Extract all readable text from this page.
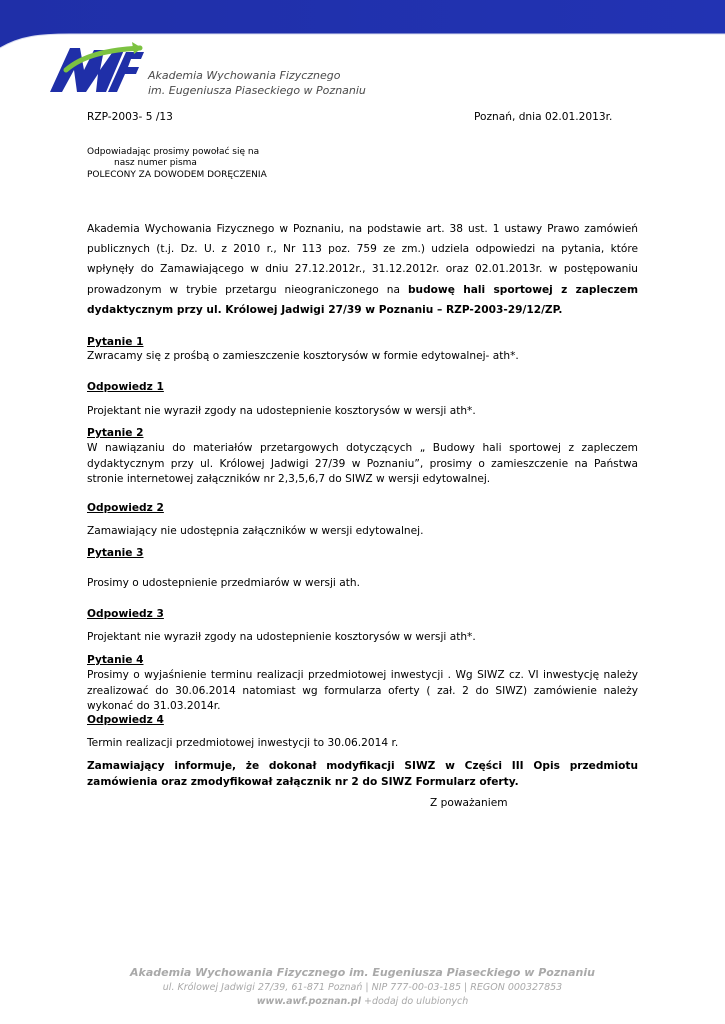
Akademia Wychowania Fizycznego
im. Eugeniusza Piaseckiego w Poznaniu
RZP-2003- 5 /13	Poznań, dnia 02.01.2013r.
Odpowiadając prosimy powołać się na
nasz numer pisma
POLECONY ZA DOWODEM DORĘCZENIA
Akademia Wychowania Fizycznego w Poznaniu, na podstawie art. 38 ust. 1 ustawy Prawo zamówień publicznych (t.j. Dz. U. z 2010 r., Nr 113 poz. 759 ze zm.) udziela odpowiedzi na pytania, które wpłynęły do Zamawiającego w dniu 27.12.2012r., 31.12.2012r. oraz 02.01.2013r. w postępowaniu prowadzonym w trybie przetargu nieograniczonego na budowę hali sportowej z zapleczem dydaktycznym przy ul. Królowej Jadwigi 27/39 w Poznaniu – RZP-2003-29/12/ZP.
Pytanie 1
Zwracamy się z prośbą o zamieszczenie kosztorysów w formie edytowalnej- ath*.
Odpowiedz 1
Projektant nie wyraził zgody na udostepnienie kosztorysów w wersji ath*.
Pytanie 2
W nawiązaniu do materiałów przetargowych dotyczących „ Budowy hali sportowej z zapleczem dydaktycznym przy ul. Królowej Jadwigi 27/39 w Poznaniu”, prosimy o zamieszczenie na Państwa stronie internetowej załączników nr 2,3,5,6,7 do SIWZ w wersji edytowalnej.
Odpowiedz 2
Zamawiający nie udostępnia załączników w wersji edytowalnej.
Pytanie 3
Prosimy o udostepnienie przedmiarów w wersji ath.
Odpowiedz 3
Projektant nie wyraził zgody na udostepnienie kosztorysów w wersji ath*.
Pytanie 4
Prosimy o wyjaśnienie terminu realizacji przedmiotowej inwestycji . Wg SIWZ cz. VI inwestycję należy zrealizować do 30.06.2014 natomiast wg formularza oferty ( zał. 2 do SIWZ) zamówienie należy wykonać do 31.03.2014r.
Odpowiedz 4
Termin realizacji przedmiotowej inwestycji to 30.06.2014 r.
Zamawiający informuje, że dokonał modyfikacji SIWZ w Części III Opis przedmiotu zamówienia oraz zmodyfikował załącznik nr 2 do SIWZ Formularz oferty.
Z poważaniem
Akademia Wychowania Fizycznego im. Eugeniusza Piaseckiego w Poznaniu
ul. Królowej Jadwigi 27/39, 61-871 Poznań | NIP 777-00-03-185 | REGON 000327853
www.awf.poznan.pl +dodaj do ulubionych
